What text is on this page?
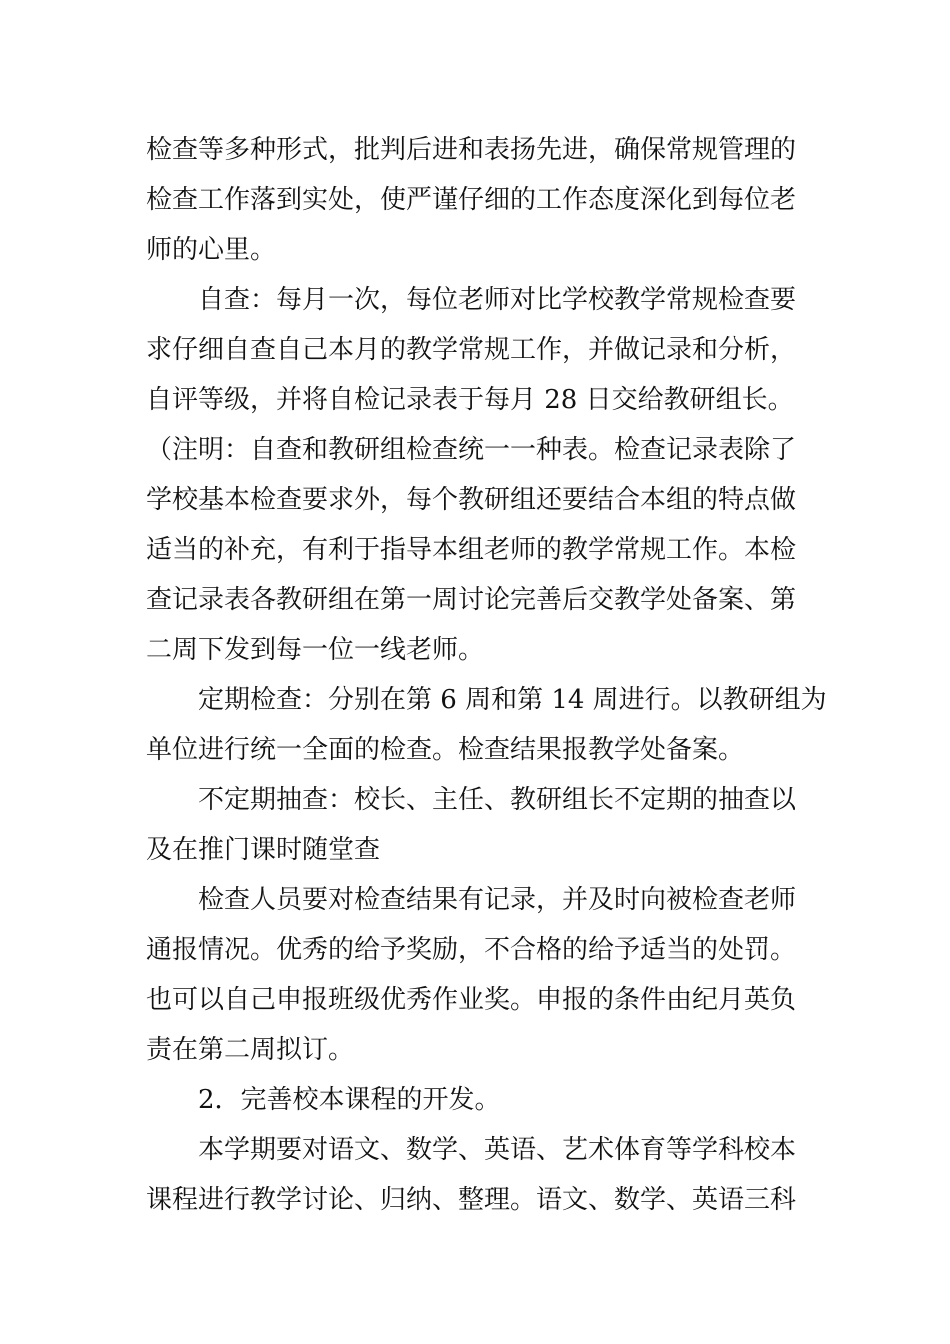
检查等多种形式，批判后进和表扬先进，确保常规管理的
检查工作落到实处，使严谨仔细的工作态度深化到每位老
师的心里。
自查：每月一次，每位老师对比学校教学常规检查要
求仔细自查自己本月的教学常规工作，并做记录和分析，
自评等级，并将自检记录表于每月 28 日交给教研组长。
（注明：自查和教研组检查统一一种表。检查记录表除了
学校基本检查要求外，每个教研组还要结合本组的特点做
适当的补充，有利于指导本组老师的教学常规工作。本检
查记录表各教研组在第一周讨论完善后交教学处备案、第
二周下发到每一位一线老师。
定期检查：分别在第 6 周和第 14 周进行。以教研组为
单位进行统一全面的检查。检查结果报教学处备案。
不定期抽查：校长、主任、教研组长不定期的抽查以
及在推门课时随堂查
检查人员要对检查结果有记录，并及时向被检查老师
通报情况。优秀的给予奖励，不合格的给予适当的处罚。
也可以自己申报班级优秀作业奖。申报的条件由纪月英负
责在第二周拟订。
2．完善校本课程的开发。
本学期要对语文、数学、英语、艺术体育等学科校本
课程进行教学讨论、归纳、整理。语文、数学、英语三科
